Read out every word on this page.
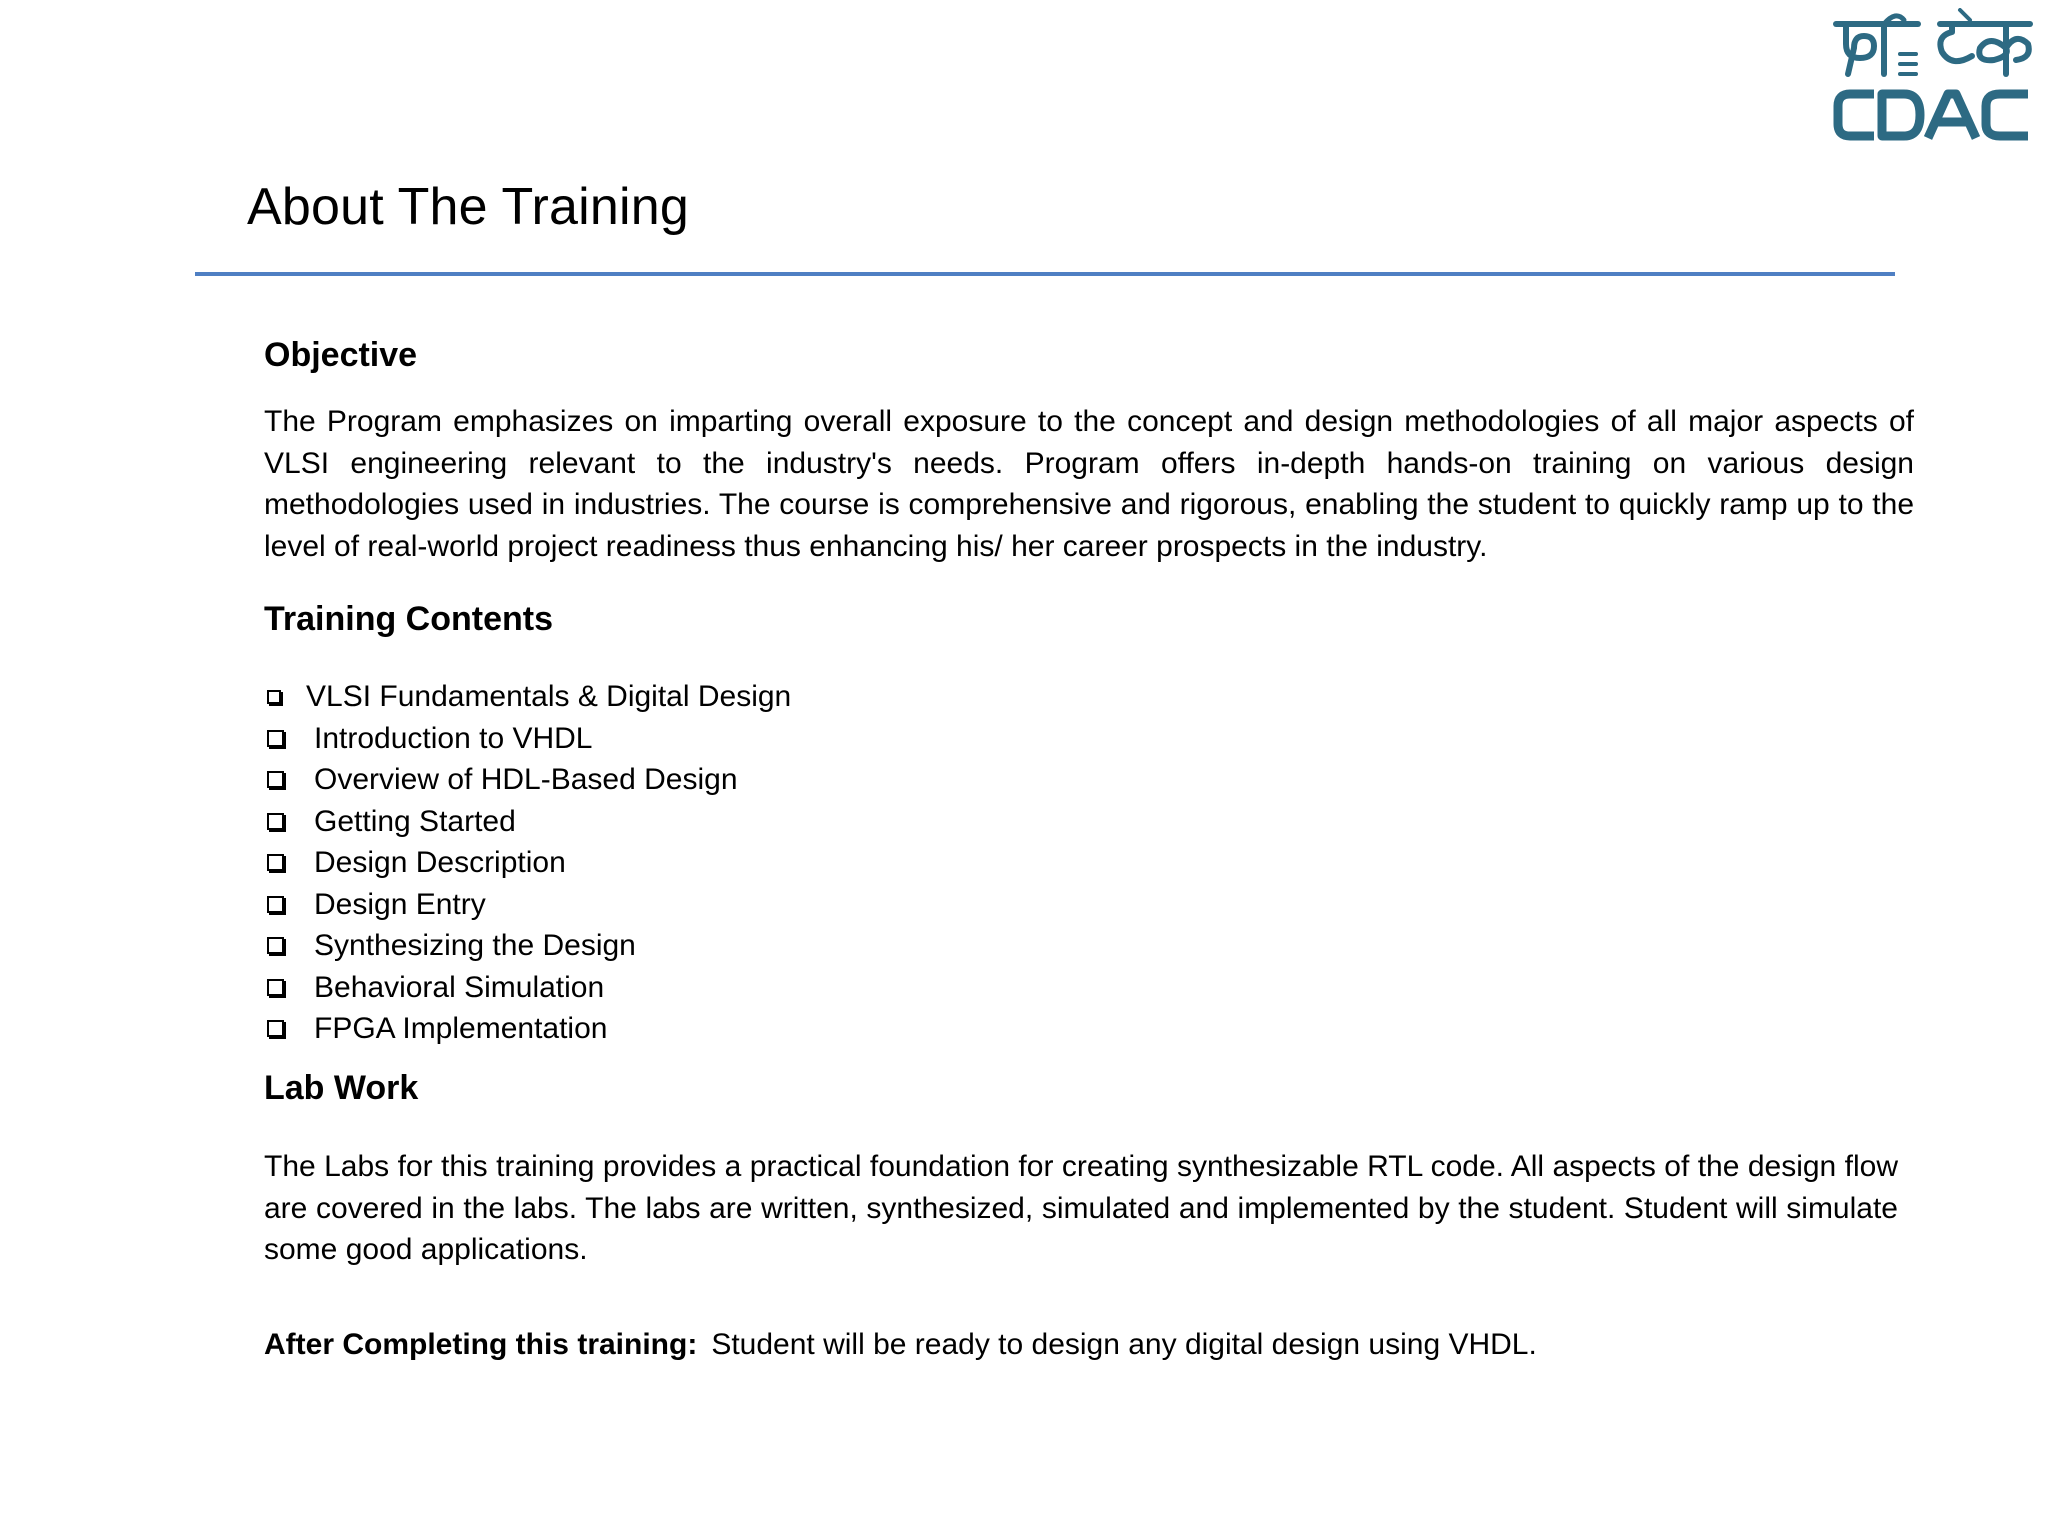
About The Training
Objective

The Program emphasizes on imparting overall exposure to the concept and design methodologies of all major aspects of VLSI engineering relevant to the industry's needs. Program offers in-depth hands-on training on various design methodologies used in industries. The course is comprehensive and rigorous, enabling the student to quickly ramp up to the level of real-world project readiness thus enhancing his/ her career prospects in the industry.

Training Contents
VLSI Fundamentals & Digital Design
Introduction to VHDL
Overview of HDL-Based Design
Getting Started
Design Description
Design Entry
Synthesizing the Design
Behavioral Simulation
FPGA Implementation
Lab Work

The Labs for this training provides a practical foundation for creating synthesizable RTL code. All aspects of the design flow are covered in the labs. The labs are written, synthesized, simulated and implemented by the student. Student will simulate some good applications.

After Completing this training: Student will be ready to design any digital design using VHDL.
